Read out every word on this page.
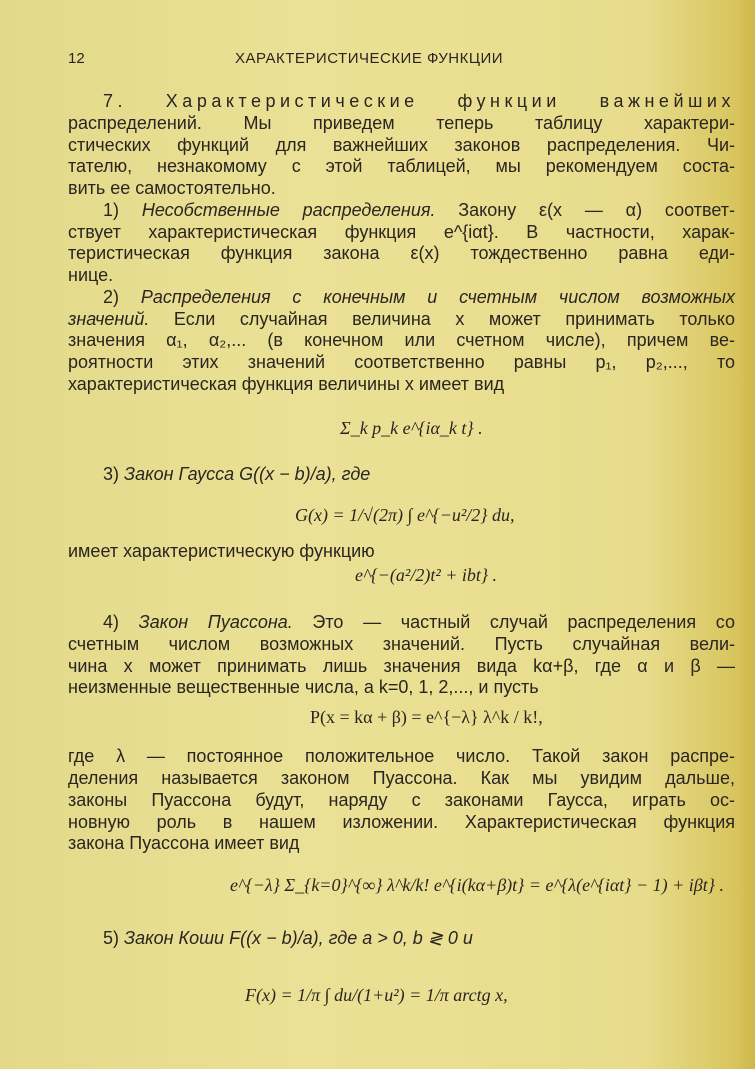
12	ХАРАКТЕРИСТИЧЕСКИЕ ФУНКЦИИ
7. Характеристические функции важнейших
распределений. Мы приведем теперь таблицу характери-
стических функций для важнейших законов распределения. Чи-
тателю, незнакомому с этой таблицей, мы рекомендуем соста-
вить ее самостоятельно.
1) Несобственные распределения. Закону ε(x — α) соответ-
ствует характеристическая функция e^{iαt}. В частности, харак-
теристическая функция закона ε(x) тождественно равна еди-
нице.
2) Распределения с конечным и счетным числом возможных
значений. Если случайная величина x может принимать только
значения α₁, α₂,... (в конечном или счетном числе), причем ве-
роятности этих значений соответственно равны p₁, p₂,..., то
характеристическая функция величины x имеет вид
Σ_k p_k e^{iα_k t} .
3) Закон Гаусса G((x − b)/a), где
G(x) = 1/√(2π) ∫ e^{−u²/2} du,
имеет характеристическую функцию
e^{−(a²/2)t² + ibt} .
4) Закон Пуассона. Это — частный случай распределения со
счетным числом возможных значений. Пусть случайная вели-
чина x может принимать лишь значения вида kα+β, где α и β —
неизменные вещественные числа, а k=0, 1, 2,..., и пусть
P(x = kα + β) = e^{−λ} λ^k / k!,
где λ — постоянное положительное число. Такой закон распре-
деления называется законом Пуассона. Как мы увидим дальше,
законы Пуассона будут, наряду с законами Гаусса, играть ос-
новную роль в нашем изложении. Характеристическая функция
закона Пуассона имеет вид
e^{−λ} Σ_{k=0}^{∞} λ^k/k! e^{i(kα+β)t} = e^{λ(e^{iαt} − 1) + iβt} .
5) Закон Коши F((x − b)/a), где a > 0, b ≷ 0 и
F(x) = 1/π ∫ du/(1+u²) = 1/π arctg x,
